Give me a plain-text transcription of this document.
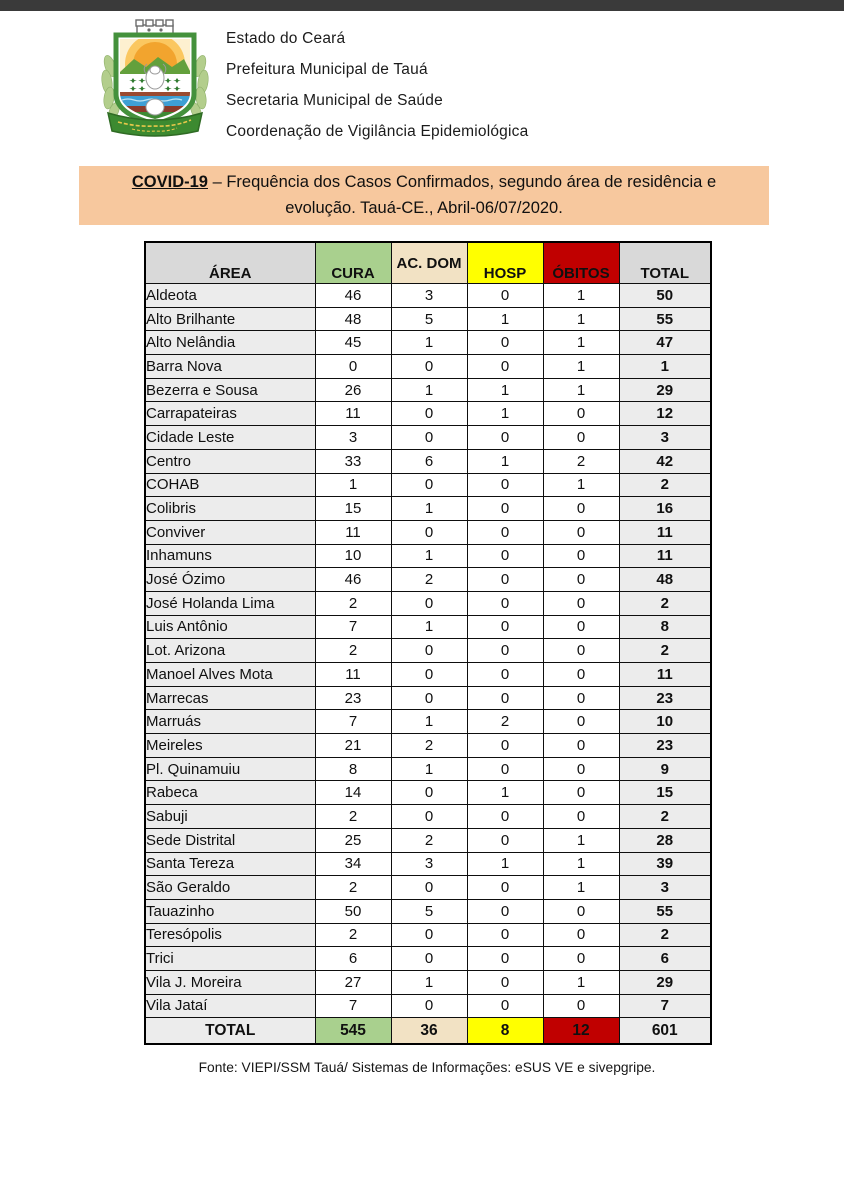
Estado do Ceará
Prefeitura Municipal de Tauá
Secretaria Municipal de Saúde
Coordenação de Vigilância Epidemiológica
COVID-19 – Frequência dos Casos Confirmados, segundo área de residência e
evolução. Tauá-CE., Abril-06/07/2020.
ÁREA	CURA	AC. DOM	HOSP	ÓBITOS	TOTAL
Aldeota	46	3	0	1	50
Alto Brilhante	48	5	1	1	55
Alto Nelândia	45	1	0	1	47
Barra Nova	0	0	0	1	1
Bezerra e Sousa	26	1	1	1	29
Carrapateiras	11	0	1	0	12
Cidade Leste	3	0	0	0	3
Centro	33	6	1	2	42
COHAB	1	0	0	1	2
Colibris	15	1	0	0	16
Conviver	11	0	0	0	11
Inhamuns	10	1	0	0	11
José Ózimo	46	2	0	0	48
José Holanda Lima	2	0	0	0	2
Luis Antônio	7	1	0	0	8
Lot. Arizona	2	0	0	0	2
Manoel Alves Mota	11	0	0	0	11
Marrecas	23	0	0	0	23
Marruás	7	1	2	0	10
Meireles	21	2	0	0	23
Pl. Quinamuiu	8	1	0	0	9
Rabeca	14	0	1	0	15
Sabuji	2	0	0	0	2
Sede Distrital	25	2	0	1	28
Santa Tereza	34	3	1	1	39
São Geraldo	2	0	0	1	3
Tauazinho	50	5	0	0	55
Teresópolis	2	0	0	0	2
Trici	6	0	0	0	6
Vila J. Moreira	27	1	0	1	29
Vila Jataí	7	0	0	0	7
TOTAL	545	36	8	12	601
Fonte: VIEPI/SSM Tauá/ Sistemas de Informações: eSUS VE e sivepgripe.
